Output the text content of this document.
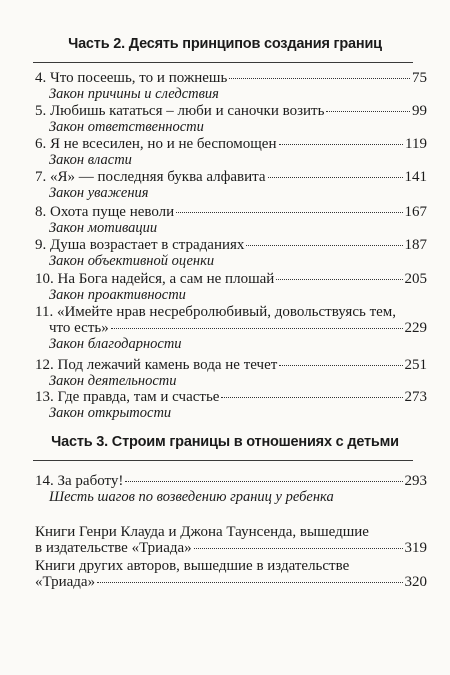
Часть 2. Десять принципов создания границ
4. Что посеешь, то и пожнешь	75
Закон причины и следствия
5. Любишь кататься – люби и саночки возить	99
Закон ответственности
6. Я не всесилен, но и не беспомощен	119
Закон власти
7. «Я» — последняя буква алфавита	141
Закон уважения
8. Охота пуще неволи	167
Закон мотивации
9. Душа возрастает в страданиях	187
Закон объективной оценки
10. На Бога надейся, а сам не плошай	205
Закон проактивности
11. «Имейте нрав несребролюбивый, довольствуясь тем,
что есть»	229
Закон благодарности
12. Под лежачий камень вода не течет	251
Закон деятельности
13. Где правда, там и счастье	273
Закон открытости
Часть 3. Строим границы в отношениях с детьми
14. За работу!	293
Шесть шагов по возведению границ у ребенка
Книги Генри Клауда и Джона Таунсенда, вышедшие
в издательстве «Триада»	319
Книги других авторов, вышедшие в издательстве
«Триада»	320
